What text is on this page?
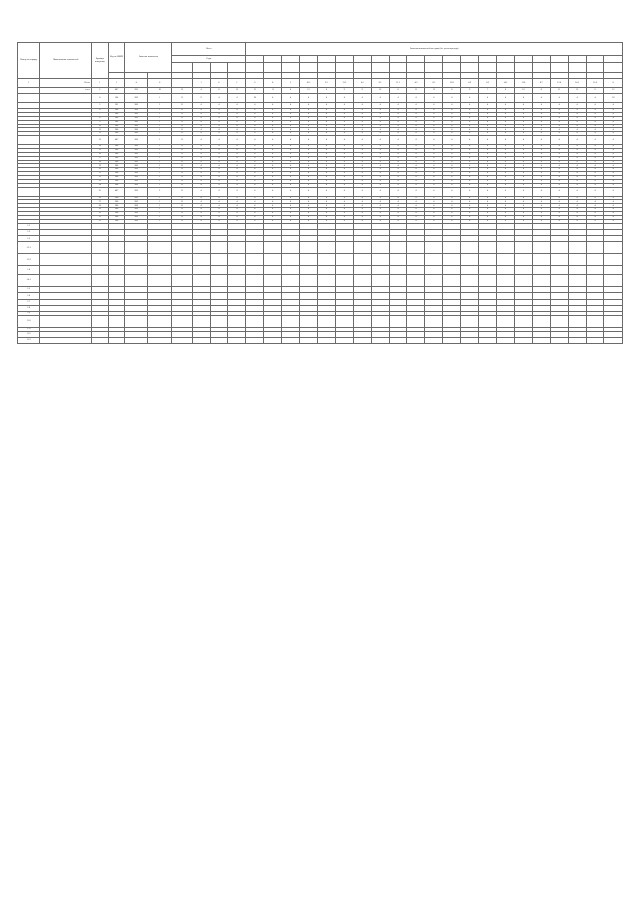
Номер по порядку	Наименование показателей	Единица измерения	Код по ОКЕИ	Значение показателя		Всего				Значения показателей по годам (без учета перехода)																				
						Годы																								

1	Всего	1	1	4	0		1	6	1	0	8	3	10.1	3.2	11.3	4.2	8.1	11.1	4.3	8.1	12.8	4.9	8.2	14.1	11.8	8.7	12.6	14.1	11.8	8
	в т.ч.	2	487	283	18	12	4	8	12	12	11	8	12	8	9	9	10	8	11	12	8	9	7	8	10	8	11	12	9	13
		4	104	266	1	11	9	4	4	18	4	4	4	4	4	4	4	4	4	4	4	4	4	4	4	4	4	4	4	18
		5	101	266	1	11	4	4	4	4	4	4	4	4	4	4	4	4	4	4	4	4	4	4	4	4	4	4	4	4
		6	266	266	1	11	4	4	4	4	4	4	4	4	4	4	4	4	4	4	4	4	4	4	4	4	4	4	4	4
		7	266	266	1	11	4	4	4	4	4	4	4	4	4	4	4	4	4	4	4	4	4	4	4	4	4	4	4	4
		8	266	266	1	11	4	4	4	4	4	4	4	4	4	4	4	4	4	4	4	4	4	4	4	4	4	4	4	4
		9	266	266	1	11	4	4	4	4	4	4	4	4	4	4	4	4	4	4	4	4	4	4	4	4	4	4	4	4
		10	266	266	1	11	4	4	4	4	4	4	4	4	4	4	4	4	4	4	4	4	4	4	4	4	4	4	4	4
		11	266	266	1	11	4	4	4	4	4	4	4	4	4	4	4	4	4	4	4	4	4	4	4	4	4	4	4	4
		12	266	266	1	11	4	4	4	4	4	4	4	4	4	4	4	4	4	4	4	4	4	4	4	4	4	4	4	4
		13	487	266	1	11	4	4	4	4	4	4	4	4	4	4	4	4	4	4	4	4	4	4	4	4	4	4	4	4
		14	266	266	1	11	4	4	4	4	4	4	4	4	4	4	4	4	4	4	4	4	4	4	4	4	4	4	4	4
		15	266	266	1	11	4	4	4	4	4	4	4	4	4	4	4	4	4	4	4	4	4	4	4	4	4	4	4	4
		16	266	266	1	11	4	4	4	4	4	4	4	4	4	4	4	4	4	4	4	4	4	4	4	4	4	4	4	4
		17	266	266	1	11	4	4	4	4	4	4	4	4	4	4	4	4	4	4	4	4	4	4	4	4	4	4	4	4
		18	266	266	1	11	4	4	4	4	4	4	4	4	4	4	4	4	4	4	4	4	4	4	4	4	4	4	4	4
		19	266	266	1	11	4	4	4	4	4	4	4	4	4	4	4	4	4	4	4	4	4	4	4	4	4	4	4	4
		20	266	266	1	11	4	4	4	4	4	4	4	4	4	4	4	4	4	4	4	4	4	4	4	4	4	4	4	4
		21	266	266	1	11	4	4	4	4	4	4	4	4	4	4	4	4	4	4	4	4	4	4	4	4	4	4	4	4
		22	266	266	1	11	4	4	4	4	4	4	4	4	4	4	4	4	4	4	4	4	4	4	4	4	4	4	4	4
		23	266	266	1	11	4	4	4	4	4	4	4	4	4	4	4	4	4	4	4	4	4	4	4	4	4	4	4	4
		24	266	266	1	11	4	4	4	4	4	4	4	4	4	4	4	4	4	4	4	4	4	4	4	4	4	4	4	4
		25	487	266	2	11	4	4	4	4	4	4	4	4	4	4	4	4	4	4	4	4	4	4	4	4	4	4	4	4
		26	266	266	1	11	4	4	4	4	4	4	4	4	4	4	4	4	4	4	4	4	4	4	4	4	4	4	4	4
		27	266	266	1	11	4	4	4	4	4	4	4	4	4	4	4	4	4	4	4	4	4	4	4	4	4	4	4	4
		28	266	266	1	11	4	4	4	4	4	4	4	4	4	4	4	4	4	4	4	4	4	4	4	4	4	4	4	4
		29	266	266	1	11	4	4	4	4	4	4	4	4	4	4	4	4	4	4	4	4	4	4	4	4	4	4	4	4
		30	266	266	1	11	4	4	4	4	4	4	4	4	4	4	4	4	4	4	4	4	4	4	4	4	4	4	4	4
		31	266	266	1	11	4	4	4	4	4	4	4	4	4	4	4	4	4	4	4	4	4	4	4	4	4	4	4	4
		32	266	266	1	11	4	4	4	4	4	4	4	4	4	4	4	4	4	4	4	4	4	4	4	4	4	4	4	4
1.1																														
1.2																														
1.3																														
1.3.1																														
1.3.2																														
1.4																														
1.4.1																														
1.5																														
1.6																														
1.7																														
1.8																														
1.9																														
1.10																														
1.11																														
1.12																														
1.13																														
